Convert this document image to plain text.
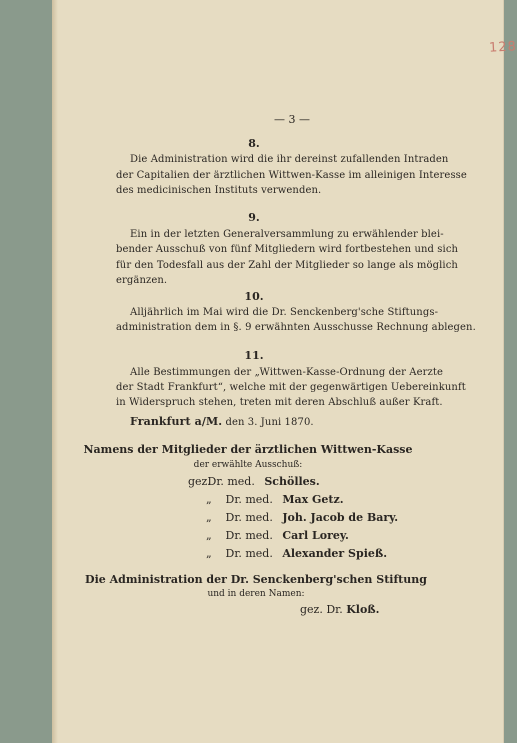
128
— 3 —
8.
Die Administration wird die ihr dereinst zufallenden Intraden
der Capitalien der ärztlichen Wittwen-Kasse im alleinigen Interesse
des medicinischen Instituts verwenden.
9.
Ein in der letzten Generalversammlung zu erwählender blei-
bender Ausschuß von fünf Mitgliedern wird fortbestehen und sich
für den Todesfall aus der Zahl der Mitglieder so lange als möglich
ergänzen.
10.
Alljährlich im Mai wird die Dr. Senckenberg'sche Stiftungs-
administration dem in §. 9 erwähnten Ausschusse Rechnung ablegen.
11.
Alle Bestimmungen der „Wittwen-Kasse-Ordnung der Aerzte
der Stadt Frankfurt“, welche mit der gegenwärtigen Uebereinkunft
in Widerspruch stehen, treten mit deren Abschluß außer Kraft.
Frankfurt a/M. den 3. Juni 1870.
Namens der Mitglieder der ärztlichen Wittwen-Kasse
der erwählte Ausschuß:
gez. Dr. med. Schölles.
„ Dr. med. Max Getz.
„ Dr. med. Joh. Jacob de Bary.
„ Dr. med. Carl Lorey.
„ Dr. med. Alexander Spieß.
Die Administration der Dr. Senckenberg'schen Stiftung
und in deren Namen:
gez. Dr. Kloß.
